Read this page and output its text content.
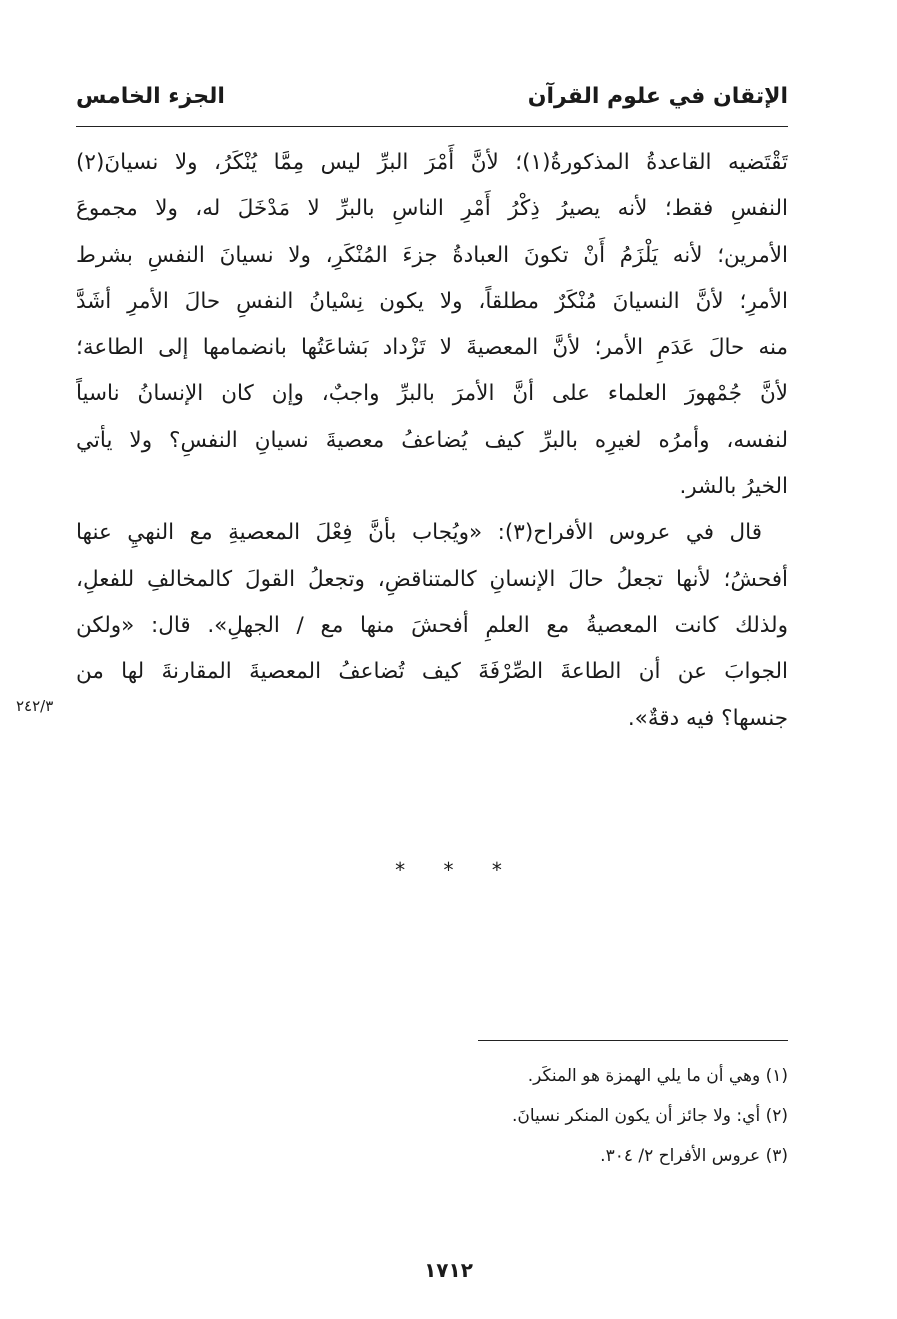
الإتقان في علوم القرآن
الجزء الخامس
تَقْتَضيه القاعدةُ المذكورةُ(١)؛ لأنَّ أَمْرَ البرِّ ليس مِمَّا يُنْكَرُ، ولا نسيانَ(٢)
النفسِ فقط؛ لأنه يصيرُ ذِكْرُ أَمْرِ الناسِ بالبرِّ لا مَدْخَلَ له، ولا مجموعَ
الأمرين؛ لأنه يَلْزَمُ أَنْ تكونَ العبادةُ جزءَ المُنْكَرِ، ولا نسيانَ النفسِ بشرط
الأمرِ؛ لأنَّ النسيانَ مُنْكَرٌ مطلقاً، ولا يكون نِسْيانُ النفسِ حالَ الأمرِ أشَدَّ
منه حالَ عَدَمِ الأمر؛ لأنَّ المعصيةَ لا تَزْداد بَشاعَتُها بانضمامها إلى الطاعة؛
لأنَّ جُمْهورَ العلماء على أنَّ الأمرَ بالبرِّ واجبٌ، وإن كان الإنسانُ ناسياً
لنفسه، وأمرُه لغيرِه بالبرِّ كيف يُضاعفُ معصيةَ نسيانِ النفسِ؟ ولا يأتي
الخيرُ بالشر.
قال في عروس الأفراح(٣): «ويُجاب بأنَّ فِعْلَ المعصيةِ مع النهيِ عنها
أفحشُ؛ لأنها تجعلُ حالَ الإنسانِ كالمتناقضِ، وتجعلُ القولَ كالمخالفِ للفعلِ،
ولذلك كانت المعصيةُ مع العلمِ أفحشَ منها مع / الجهلِ». قال: «ولكن
الجوابَ عن أن الطاعةَ الصِّرْفَةَ كيف تُضاعفُ المعصيةَ المقارنةَ لها من
جنسها؟ فيه دقةٌ».
٢٤٢/٣
* * *
(١) وهي أن ما يلي الهمزة هو المنكَر.
(٢) أي: ولا جائز أن يكون المنكر نسيانَ.
(٣) عروس الأفراح ٢/ ٣٠٤.
١٧١٢
